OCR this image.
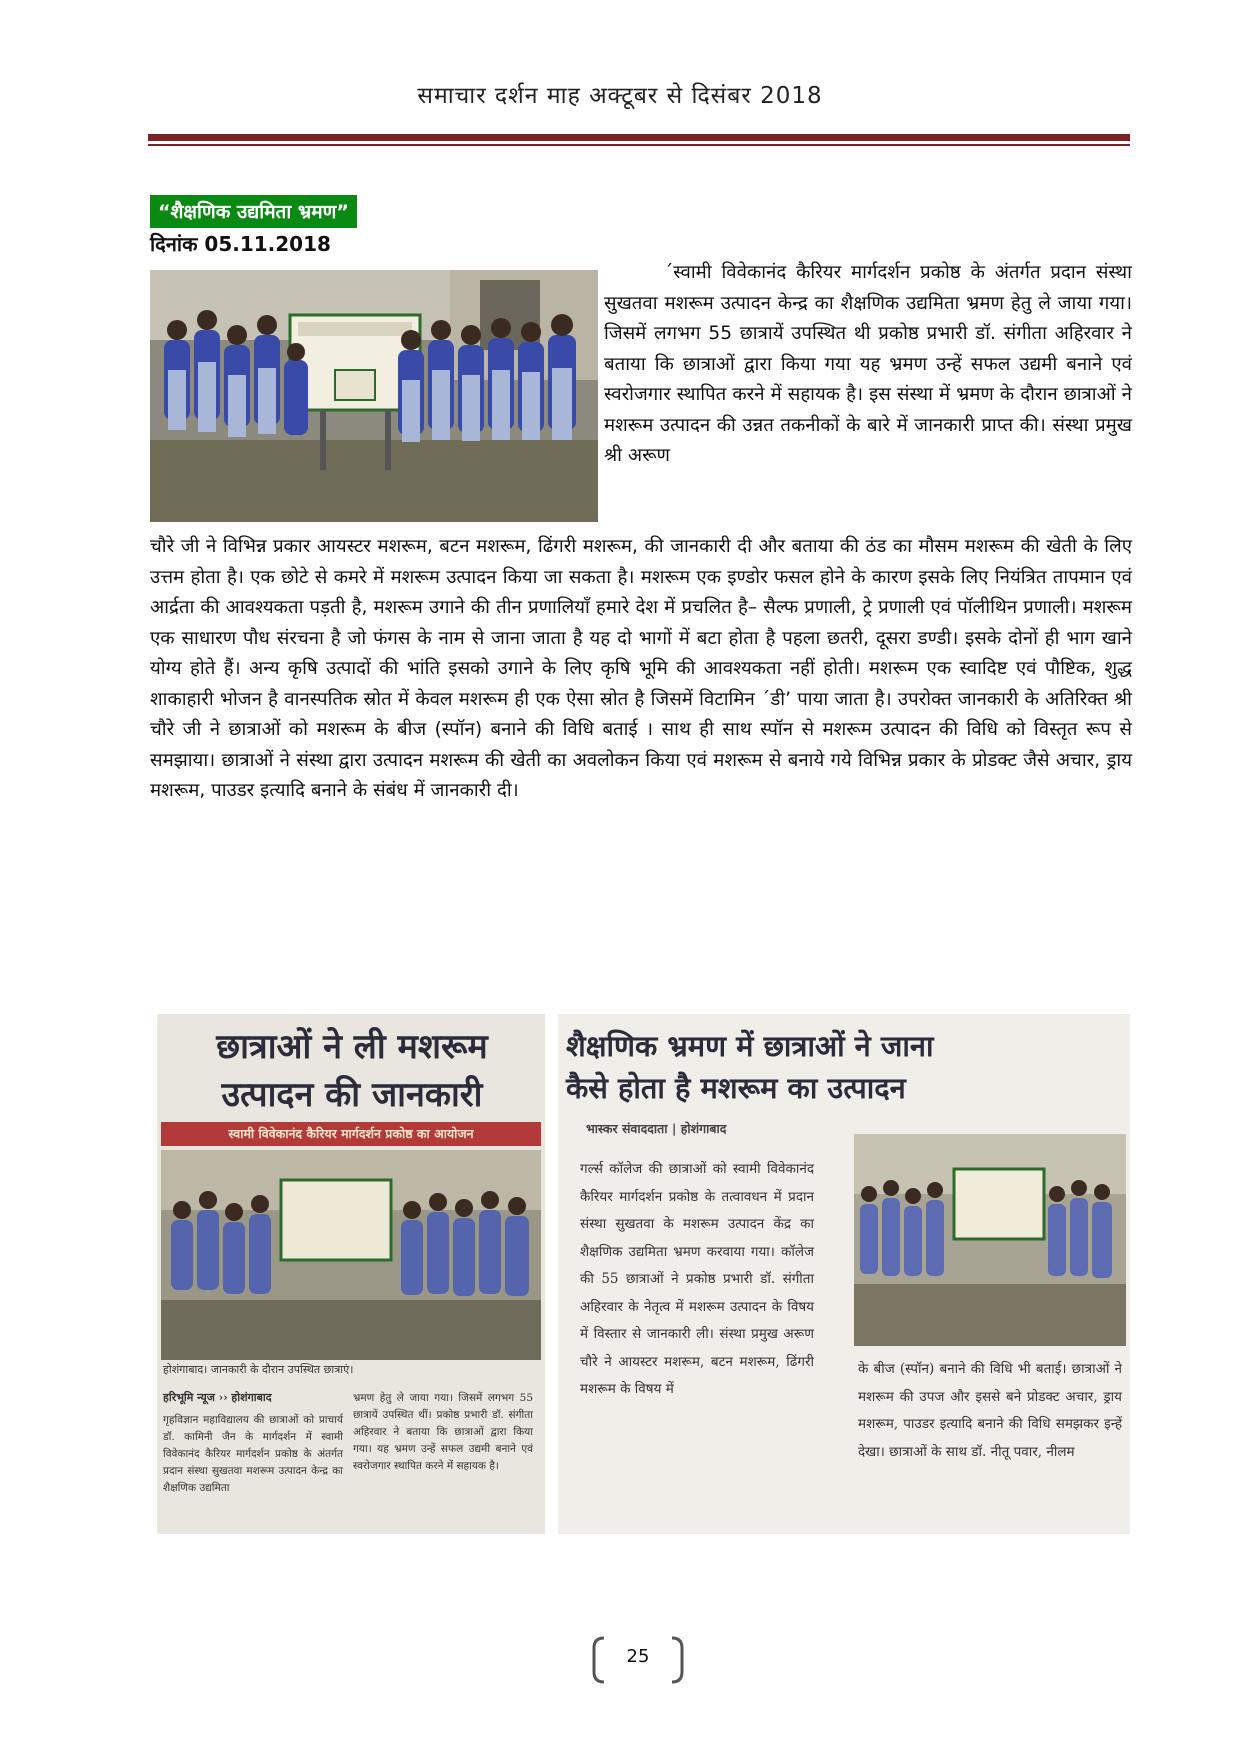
समाचार दर्शन माह अक्टूबर से दिसंबर 2018
“शैक्षणिक उद्यमिता भ्रमण”
दिनांक 05.11.2018
´स्वामी विवेकानंद कैरियर मार्गदर्शन प्रकोष्ठ के अंतर्गत प्रदान संस्था सुखतवा मशरूम उत्पादन केन्द्र का शैक्षणिक उद्यमिता भ्रमण हेतु ले जाया गया। जिसमें लगभग 55 छात्रायें उपस्थित थी प्रकोष्ठ प्रभारी डॉ. संगीता अहिरवार ने बताया कि छात्राओं द्वारा किया गया यह भ्रमण उन्हें सफल उद्यमी बनाने एवं स्वरोजगार स्थापित करने में सहायक है। इस संस्था में भ्रमण के दौरान छात्राओं ने मशरूम उत्पादन की उन्नत तकनीकों के बारे में जानकारी प्राप्त की। संस्था प्रमुख श्री अरूण
चौरे जी ने विभिन्न प्रकार आयस्टर मशरूम, बटन मशरूम, ढिंगरी मशरूम, की जानकारी दी और बताया की ठंड का मौसम मशरूम की खेती के लिए उत्तम होता है। एक छोटे से कमरे में मशरूम उत्पादन किया जा सकता है। मशरूम एक इण्डोर फसल होने के कारण इसके लिए नियंत्रित तापमान एवं आर्द्रता की आवश्यकता पड़ती है, मशरूम उगाने की तीन प्रणालियाँ हमारे देश में प्रचलित है– सैल्फ प्रणाली, ट्रे प्रणाली एवं पॉलीथिन प्रणाली। मशरूम एक साधारण पौध संरचना है जो फंगस के नाम से जाना जाता है यह दो भागों में बटा होता है पहला छतरी, दूसरा डण्डी। इसके दोनों ही भाग खाने योग्य होते हैं। अन्य कृषि उत्पादों की भांति इसको उगाने के लिए कृषि भूमि की आवश्यकता नहीं होती। मशरूम एक स्वादिष्ट एवं पौष्टिक, शुद्ध शाकाहारी भोजन है वानस्पतिक स्रोत में केवल मशरूम ही एक ऐसा स्रोत है जिसमें विटामिन ´डी’ पाया जाता है। उपरोक्त जानकारी के अतिरिक्त श्री चौरे जी ने छात्राओं को मशरूम के बीज (स्पॉन) बनाने की विधि बताई । साथ ही साथ स्पॉन से मशरूम उत्पादन की विधि को विस्तृत रूप से समझाया। छात्राओं ने संस्था द्वारा उत्पादन मशरूम की खेती का अवलोकन किया एवं मशरूम से बनाये गये विभिन्न प्रकार के प्रोडक्ट जैसे अचार, ड्राय मशरूम, पाउडर इत्यादि बनाने के संबंध में जानकारी दी।
छात्राओं ने ली मशरूम
उत्पादन की जानकारी
स्वामी विवेकानंद कैरियर मार्गदर्शन प्रकोष्ठ का आयोजन
होशंगाबाद। जानकारी के दौरान उपस्थित छात्राएं।
हरिभूमि न्यूज ›› होशंगाबाद
गृहविज्ञान महाविद्यालय की छात्राओं को प्राचार्य डॉ. कामिनी जैन के मार्गदर्शन में स्वामी विवेकानंद कैरियर मार्गदर्शन प्रकोष्ठ के अंतर्गत प्रदान संस्था सुखतवा मशरूम उत्पादन केन्द्र का शैक्षणिक उद्यमिता
भ्रमण हेतु ले जाया गया। जिसमें लगभग 55 छात्रायें उपस्थित थीं। प्रकोष्ठ प्रभारी डॉ. संगीता अहिरवार ने बताया कि छात्राओं द्वारा किया गया। यह भ्रमण उन्हें सफल उद्यमी बनाने एवं स्वरोजगार स्थापित करने में सहायक है।
शैक्षणिक भ्रमण में छात्राओं ने जाना
कैसे होता है मशरूम का उत्पादन
भास्कर संवाददाता | होशंगाबाद
गर्ल्स कॉलेज की छात्राओं को स्वामी विवेकानंद कैरियर मार्गदर्शन प्रकोष्ठ के तत्वावधन में प्रदान संस्था सुखतवा के मशरूम उत्पादन केंद्र का शैक्षणिक उद्यमिता भ्रमण करवाया गया। कॉलेज की 55 छात्राओं ने प्रकोष्ठ प्रभारी डॉ. संगीता अहिरवार के नेतृत्व में मशरूम उत्पादन के विषय में विस्तार से जानकारी ली। संस्था प्रमुख अरूण चौरे ने आयस्टर मशरूम, बटन मशरूम, ढिंगरी मशरूम के विषय में
के बीज (स्पॉन) बनाने की विधि भी बताई। छात्राओं ने मशरूम की उपज और इससे बने प्रोडक्ट अचार, ड्राय मशरूम, पाउडर इत्यादि बनाने की विधि समझकर इन्हें देखा। छात्राओं के साथ डॉ. नीतू पवार, नीलम
25
